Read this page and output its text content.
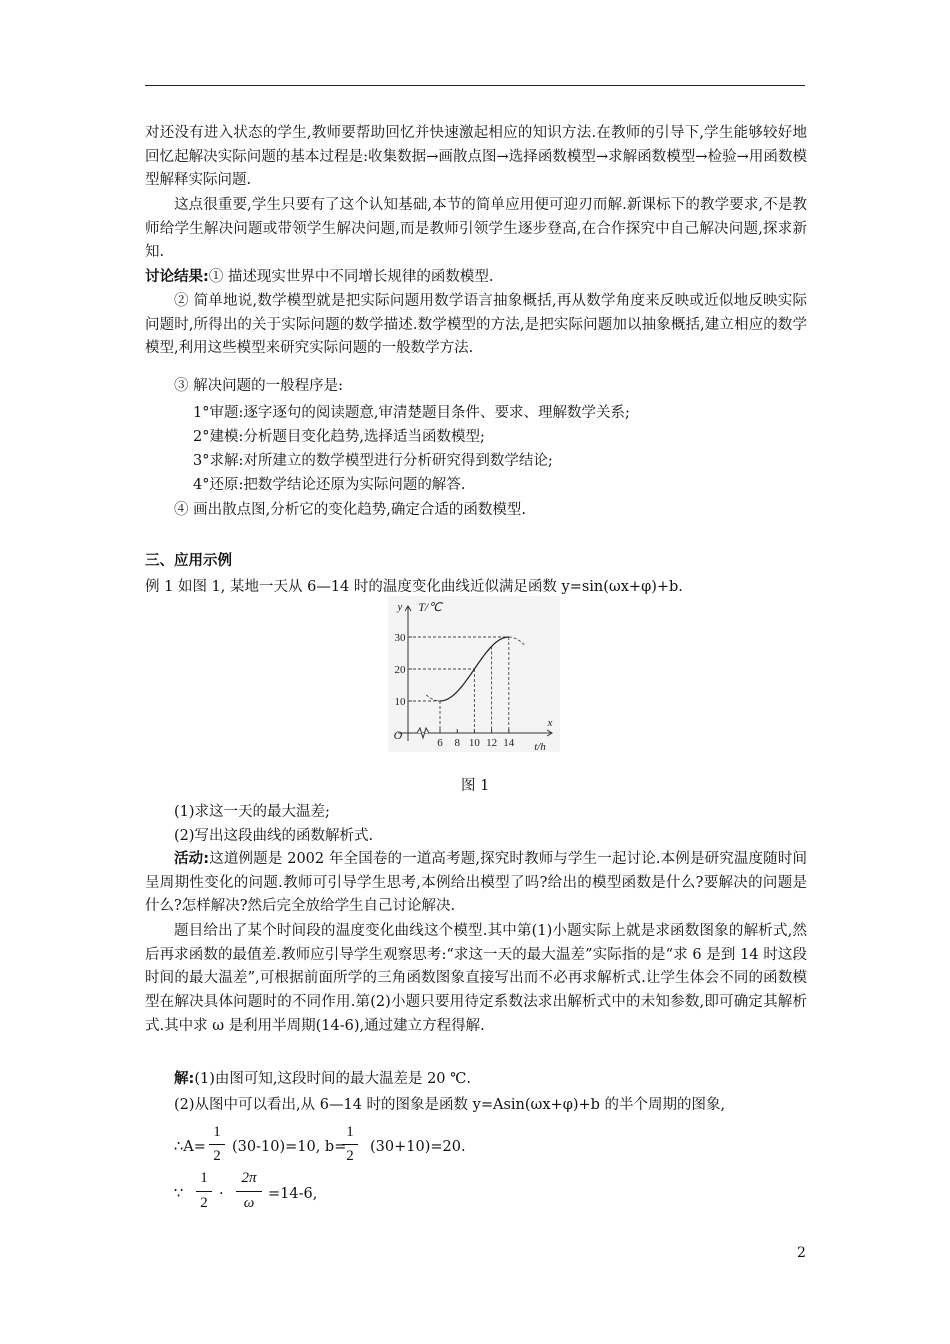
对还没有进入状态的学生,教师要帮助回忆并快速激起相应的知识方法.在教师的引导下,学生能够较好地回忆起解决实际问题的基本过程是:收集数据→画散点图→选择函数模型→求解函数模型→检验→用函数模型解释实际问题.

这点很重要,学生只要有了这个认知基础,本节的简单应用便可迎刃而解.新课标下的教学要求,不是教师给学生解决问题或带领学生解决问题,而是教师引领学生逐步登高,在合作探究中自己解决问题,探求新知.

讨论结果:① 描述现实世界中不同增长规律的函数模型.

② 简单地说,数学模型就是把实际问题用数学语言抽象概括,再从数学角度来反映或近似地反映实际问题时,所得出的关于实际问题的数学描述.数学模型的方法,是把实际问题加以抽象概括,建立相应的数学模型,利用这些模型来研究实际问题的一般数学方法.

③ 解决问题的一般程序是:

1°审题:逐字逐句的阅读题意,审清楚题目条件、要求、理解数学关系;

2°建模:分析题目变化趋势,选择适当函数模型;

3°求解:对所建立的数学模型进行分析研究得到数学结论;

4°还原:把数学结论还原为实际问题的解答.

④ 画出散点图,分析它的变化趋势,确定合适的函数模型.

三、应用示例

例 1 如图 1, 某地一天从 6—14 时的温度变化曲线近似满足函数 y=sin(ωx+φ)+b.

10
20
30
6 8 10 12 14
O
y T/℃
x
t/h
图 1

(1)求这一天的最大温差;

(2)写出这段曲线的函数解析式.

活动:这道例题是 2002 年全国卷的一道高考题,探究时教师与学生一起讨论.本例是研究温度随时间呈周期性变化的问题.教师可引导学生思考,本例给出模型了吗?给出的模型函数是什么?要解决的问题是什么?怎样解决?然后完全放给学生自己讨论解决.

题目给出了某个时间段的温度变化曲线这个模型.其中第(1)小题实际上就是求函数图象的解析式,然后再求函数的最值差.教师应引导学生观察思考:“求这一天的最大温差”实际指的是“求 6 是到 14 时这段时间的最大温差”,可根据前面所学的三角函数图象直接写出而不必再求解析式.让学生体会不同的函数模型在解决具体问题时的不同作用.第(2)小题只要用待定系数法求出解析式中的未知参数,即可确定其解析式.其中求 ω 是利用半周期(14-6),通过建立方程得解.

解:(1)由图可知,这段时间的最大温差是 20 ℃.

(2)从图中可以看出,从 6—14 时的图象是函数 y=Asin(ωx+φ)+b 的半个周期的图象,

∴A=
1
2
(30-10)=10, b=
1
2
(30+10)=20.
∵
1
2
·
2π
ω
=14-6,
2
